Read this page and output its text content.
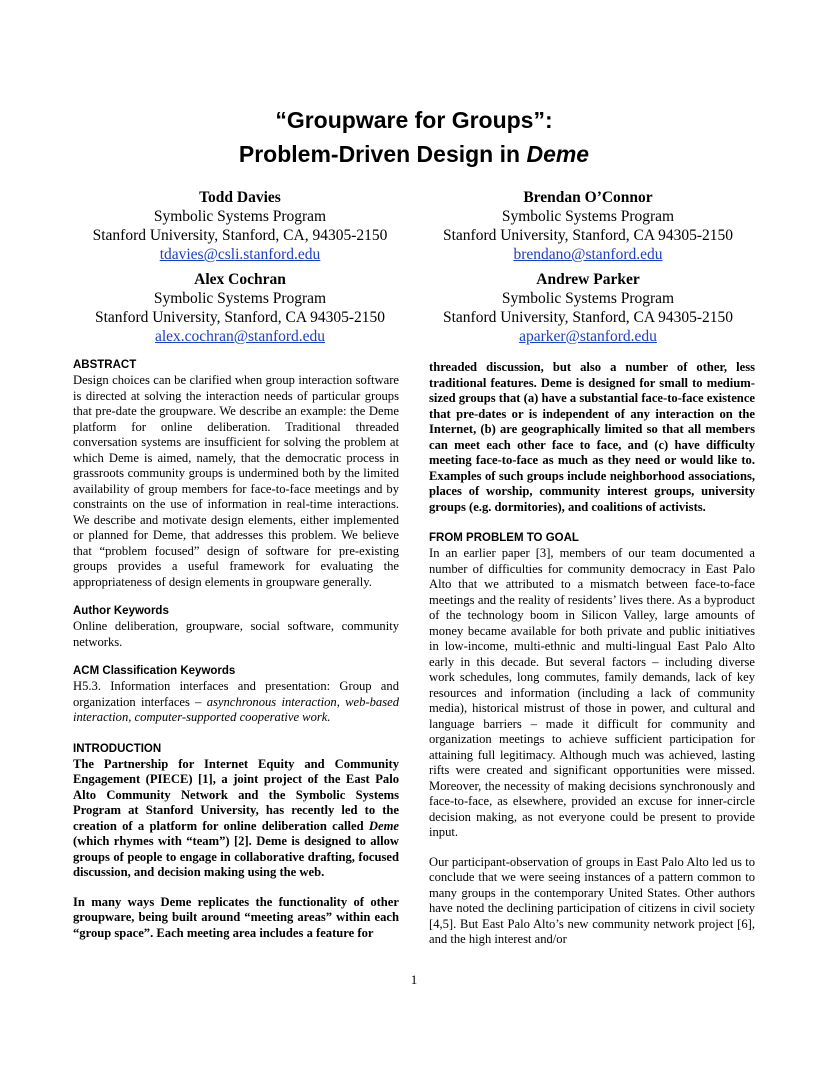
“Groupware for Groups”:
Problem-Driven Design in Deme
Todd Davies
Symbolic Systems Program
Stanford University, Stanford, CA, 94305-2150
tdavies@csli.stanford.edu
Brendan O’Connor
Symbolic Systems Program
Stanford University, Stanford, CA 94305-2150
brendano@stanford.edu
Alex Cochran
Symbolic Systems Program
Stanford University, Stanford, CA 94305-2150
alex.cochran@stanford.edu
Andrew Parker
Symbolic Systems Program
Stanford University, Stanford, CA 94305-2150
aparker@stanford.edu
ABSTRACT

Design choices can be clarified when group interaction software is directed at solving the interaction needs of particular groups that pre-date the groupware. We describe an example: the Deme platform for online deliberation. Traditional threaded conversation systems are insufficient for solving the problem at which Deme is aimed, namely, that the democratic process in grassroots community groups is undermined both by the limited availability of group members for face-to-face meetings and by constraints on the use of information in real-time interactions. We describe and motivate design elements, either implemented or planned for Deme, that addresses this problem. We believe that “problem focused” design of software for pre-existing groups provides a useful framework for evaluating the appropriateness of design elements in groupware generally.

Author Keywords

Online deliberation, groupware, social software, community networks.

ACM Classification Keywords

H5.3. Information interfaces and presentation: Group and organization interfaces – asynchronous interaction, web-based interaction, computer-supported cooperative work.

INTRODUCTION

The Partnership for Internet Equity and Community Engagement (PIECE) [1], a joint project of the East Palo Alto Community Network and the Symbolic Systems Program at Stanford University, has recently led to the creation of a platform for online deliberation called Deme (which rhymes with “team”) [2]. Deme is designed to allow groups of people to engage in collaborative drafting, focused discussion, and decision making using the web.

In many ways Deme replicates the functionality of other groupware, being built around “meeting areas” within each “group space”. Each meeting area includes a feature for

threaded discussion, but also a number of other, less traditional features. Deme is designed for small to medium-sized groups that (a) have a substantial face-to-face existence that pre-dates or is independent of any interaction on the Internet, (b) are geographically limited so that all members can meet each other face to face, and (c) have difficulty meeting face-to-face as much as they need or would like to. Examples of such groups include neighborhood associations, places of worship, community interest groups, university groups (e.g. dormitories), and coalitions of activists.

FROM PROBLEM TO GOAL

In an earlier paper [3], members of our team documented a number of difficulties for community democracy in East Palo Alto that we attributed to a mismatch between face-to-face meetings and the reality of residents’ lives there. As a byproduct of the technology boom in Silicon Valley, large amounts of money became available for both private and public initiatives in low-income, multi-ethnic and multi-lingual East Palo Alto early in this decade. But several factors – including diverse work schedules, long commutes, family demands, lack of key resources and information (including a lack of community media), historical mistrust of those in power, and cultural and language barriers – made it difficult for community and organization meetings to achieve sufficient participation for attaining full legitimacy. Although much was achieved, lasting rifts were created and significant opportunities were missed. Moreover, the necessity of making decisions synchronously and face-to-face, as elsewhere, provided an excuse for inner-circle decision making, as not everyone could be present to provide input.

Our participant-observation of groups in East Palo Alto led us to conclude that we were seeing instances of a pattern common to many groups in the contemporary United States. Other authors have noted the declining participation of citizens in civil society [4,5]. But East Palo Alto’s new community network project [6], and the high interest and/or

1
